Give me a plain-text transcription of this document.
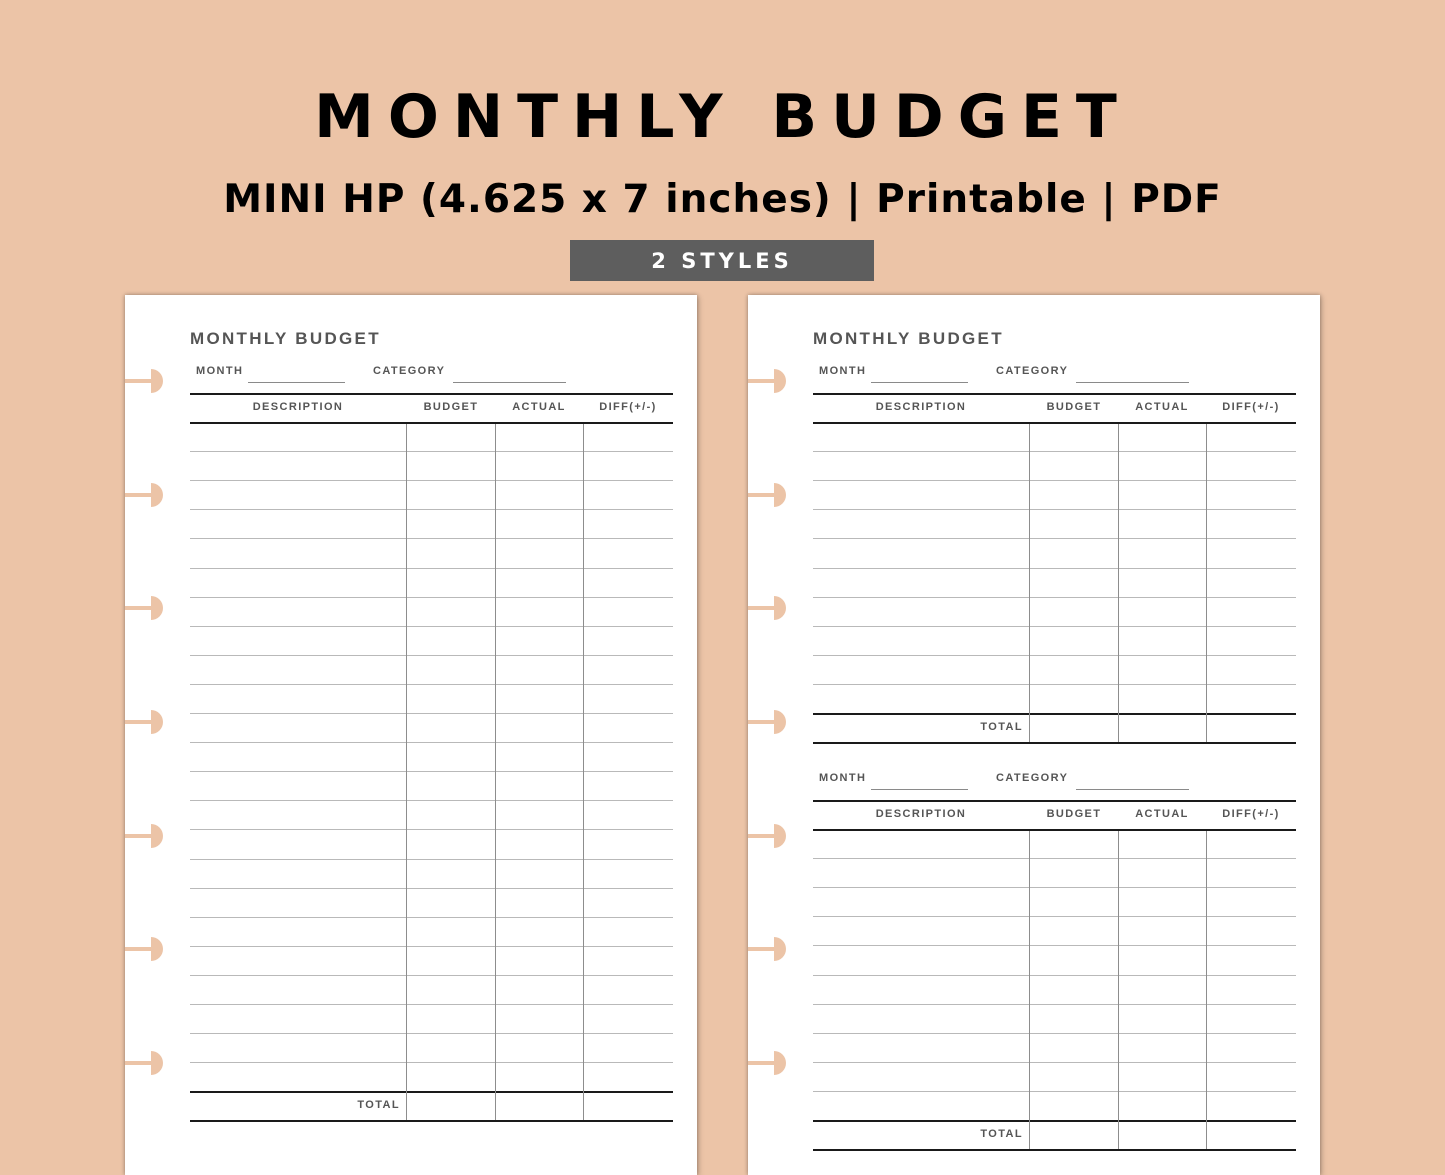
MONTHLY BUDGET
MINI HP (4.625 x 7 inches) | Printable | PDF
2 STYLES
MONTHLY BUDGET
MONTH	CATEGORY
DESCRIPTION	BUDGET	ACTUAL	DIFF(+/-)
TOTAL
MONTHLY BUDGET
MONTH	CATEGORY
DESCRIPTION	BUDGET	ACTUAL	DIFF(+/-)
TOTAL
MONTH	CATEGORY
DESCRIPTION	BUDGET	ACTUAL	DIFF(+/-)
TOTAL
